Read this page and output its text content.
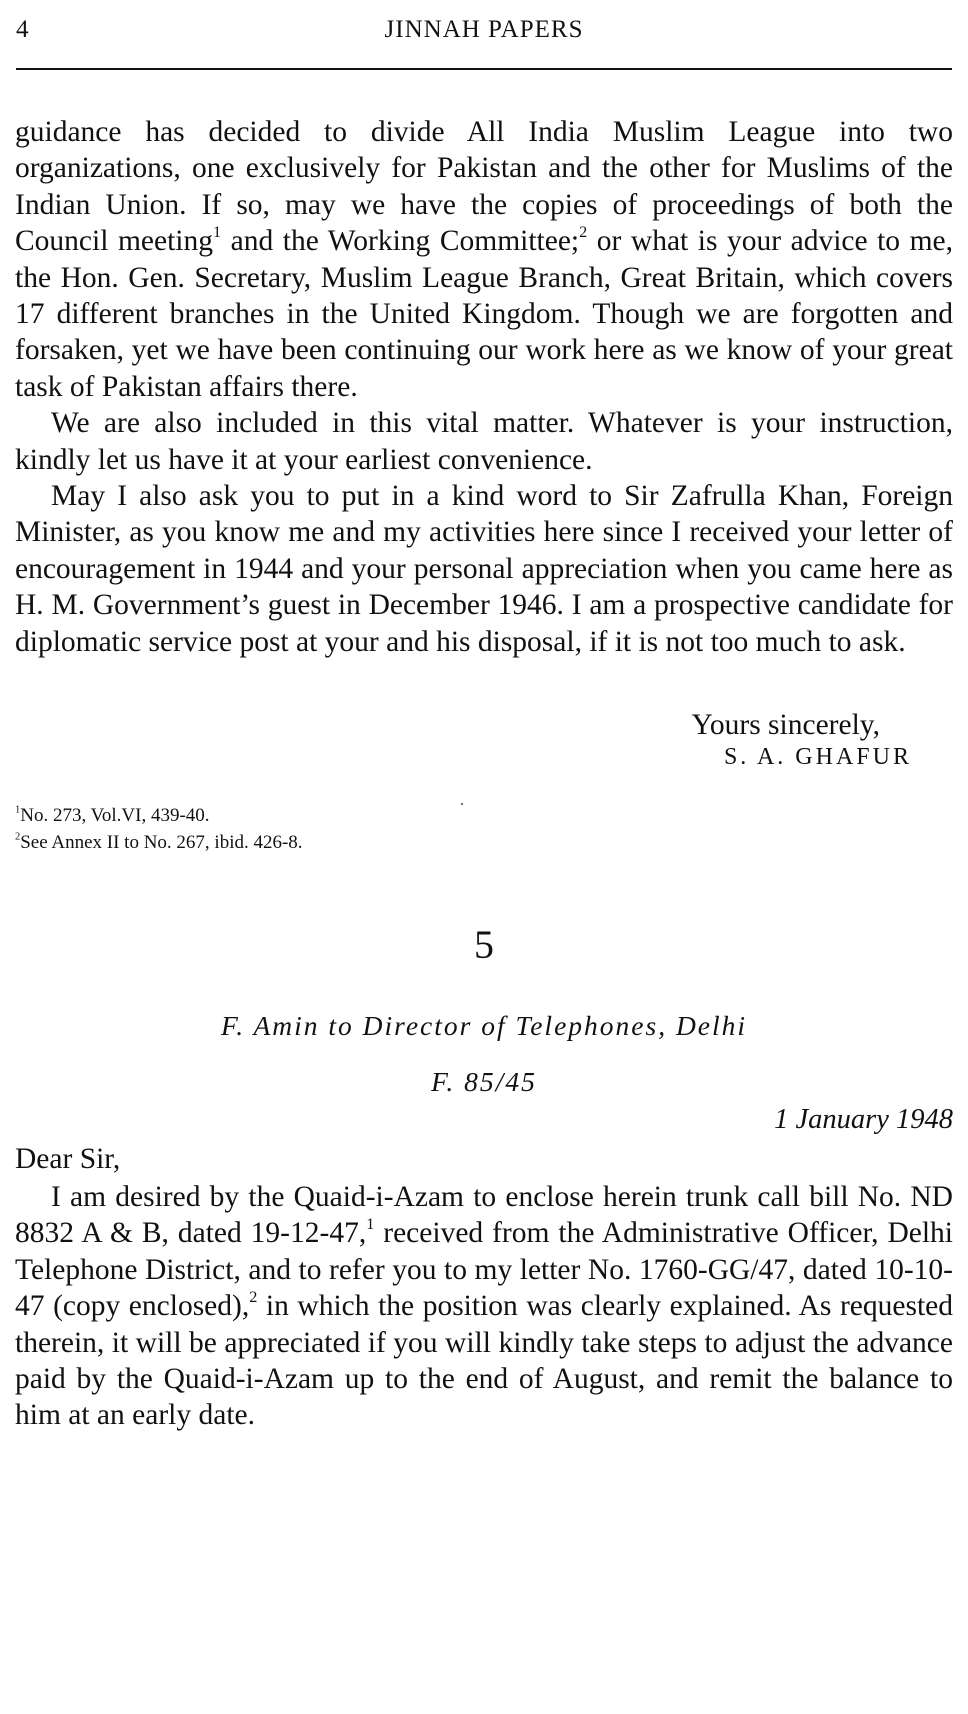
4	JINNAH PAPERS

guidance has decided to divide All India Muslim League into two organizations, one exclusively for Pakistan and the other for Muslims of the Indian Union. If so, may we have the copies of proceedings of both the Council meeting$^1$ and the Working Committee;$^2$ or what is your advice to me, the Hon. Gen. Secretary, Muslim League Branch, Great Britain, which covers 17 different branches in the United Kingdom. Though we are forgotten and forsaken, yet we have been continuing our work here as we know of your great task of Pakistan affairs there.

We are also included in this vital matter. Whatever is your instruction, kindly let us have it at your earliest convenience.

May I also ask you to put in a kind word to Sir Zafrulla Khan, Foreign Minister, as you know me and my activities here since I received your letter of encouragement in 1944 and your personal appreciation when you came here as H. M. Government’s guest in December 1946. I am a prospective candidate for diplomatic service post at your and his disposal, if it is not too much to ask.

Yours sincerely,
S. A. GHAFUR

$^1$No. 273, Vol.VI, 439-40.

$^2$See Annex II to No. 267, ibid. 426-8.

5
F. Amin to Director of Telephones, Delhi
F. 85/45
1 January 1948
Dear Sir,

I am desired by the Quaid-i-Azam to enclose herein trunk call bill No. ND 8832 A & B, dated 19-12-47,$^1$ received from the Administrative Officer, Delhi Telephone District, and to refer you to my letter No. 1760-GG/47, dated 10-10-47 (copy enclosed),$^2$ in which the position was clearly explained. As requested therein, it will be appreciated if you will kindly take steps to adjust the advance paid by the Quaid-i-Azam up to the end of August, and remit the balance to him at an early date.
